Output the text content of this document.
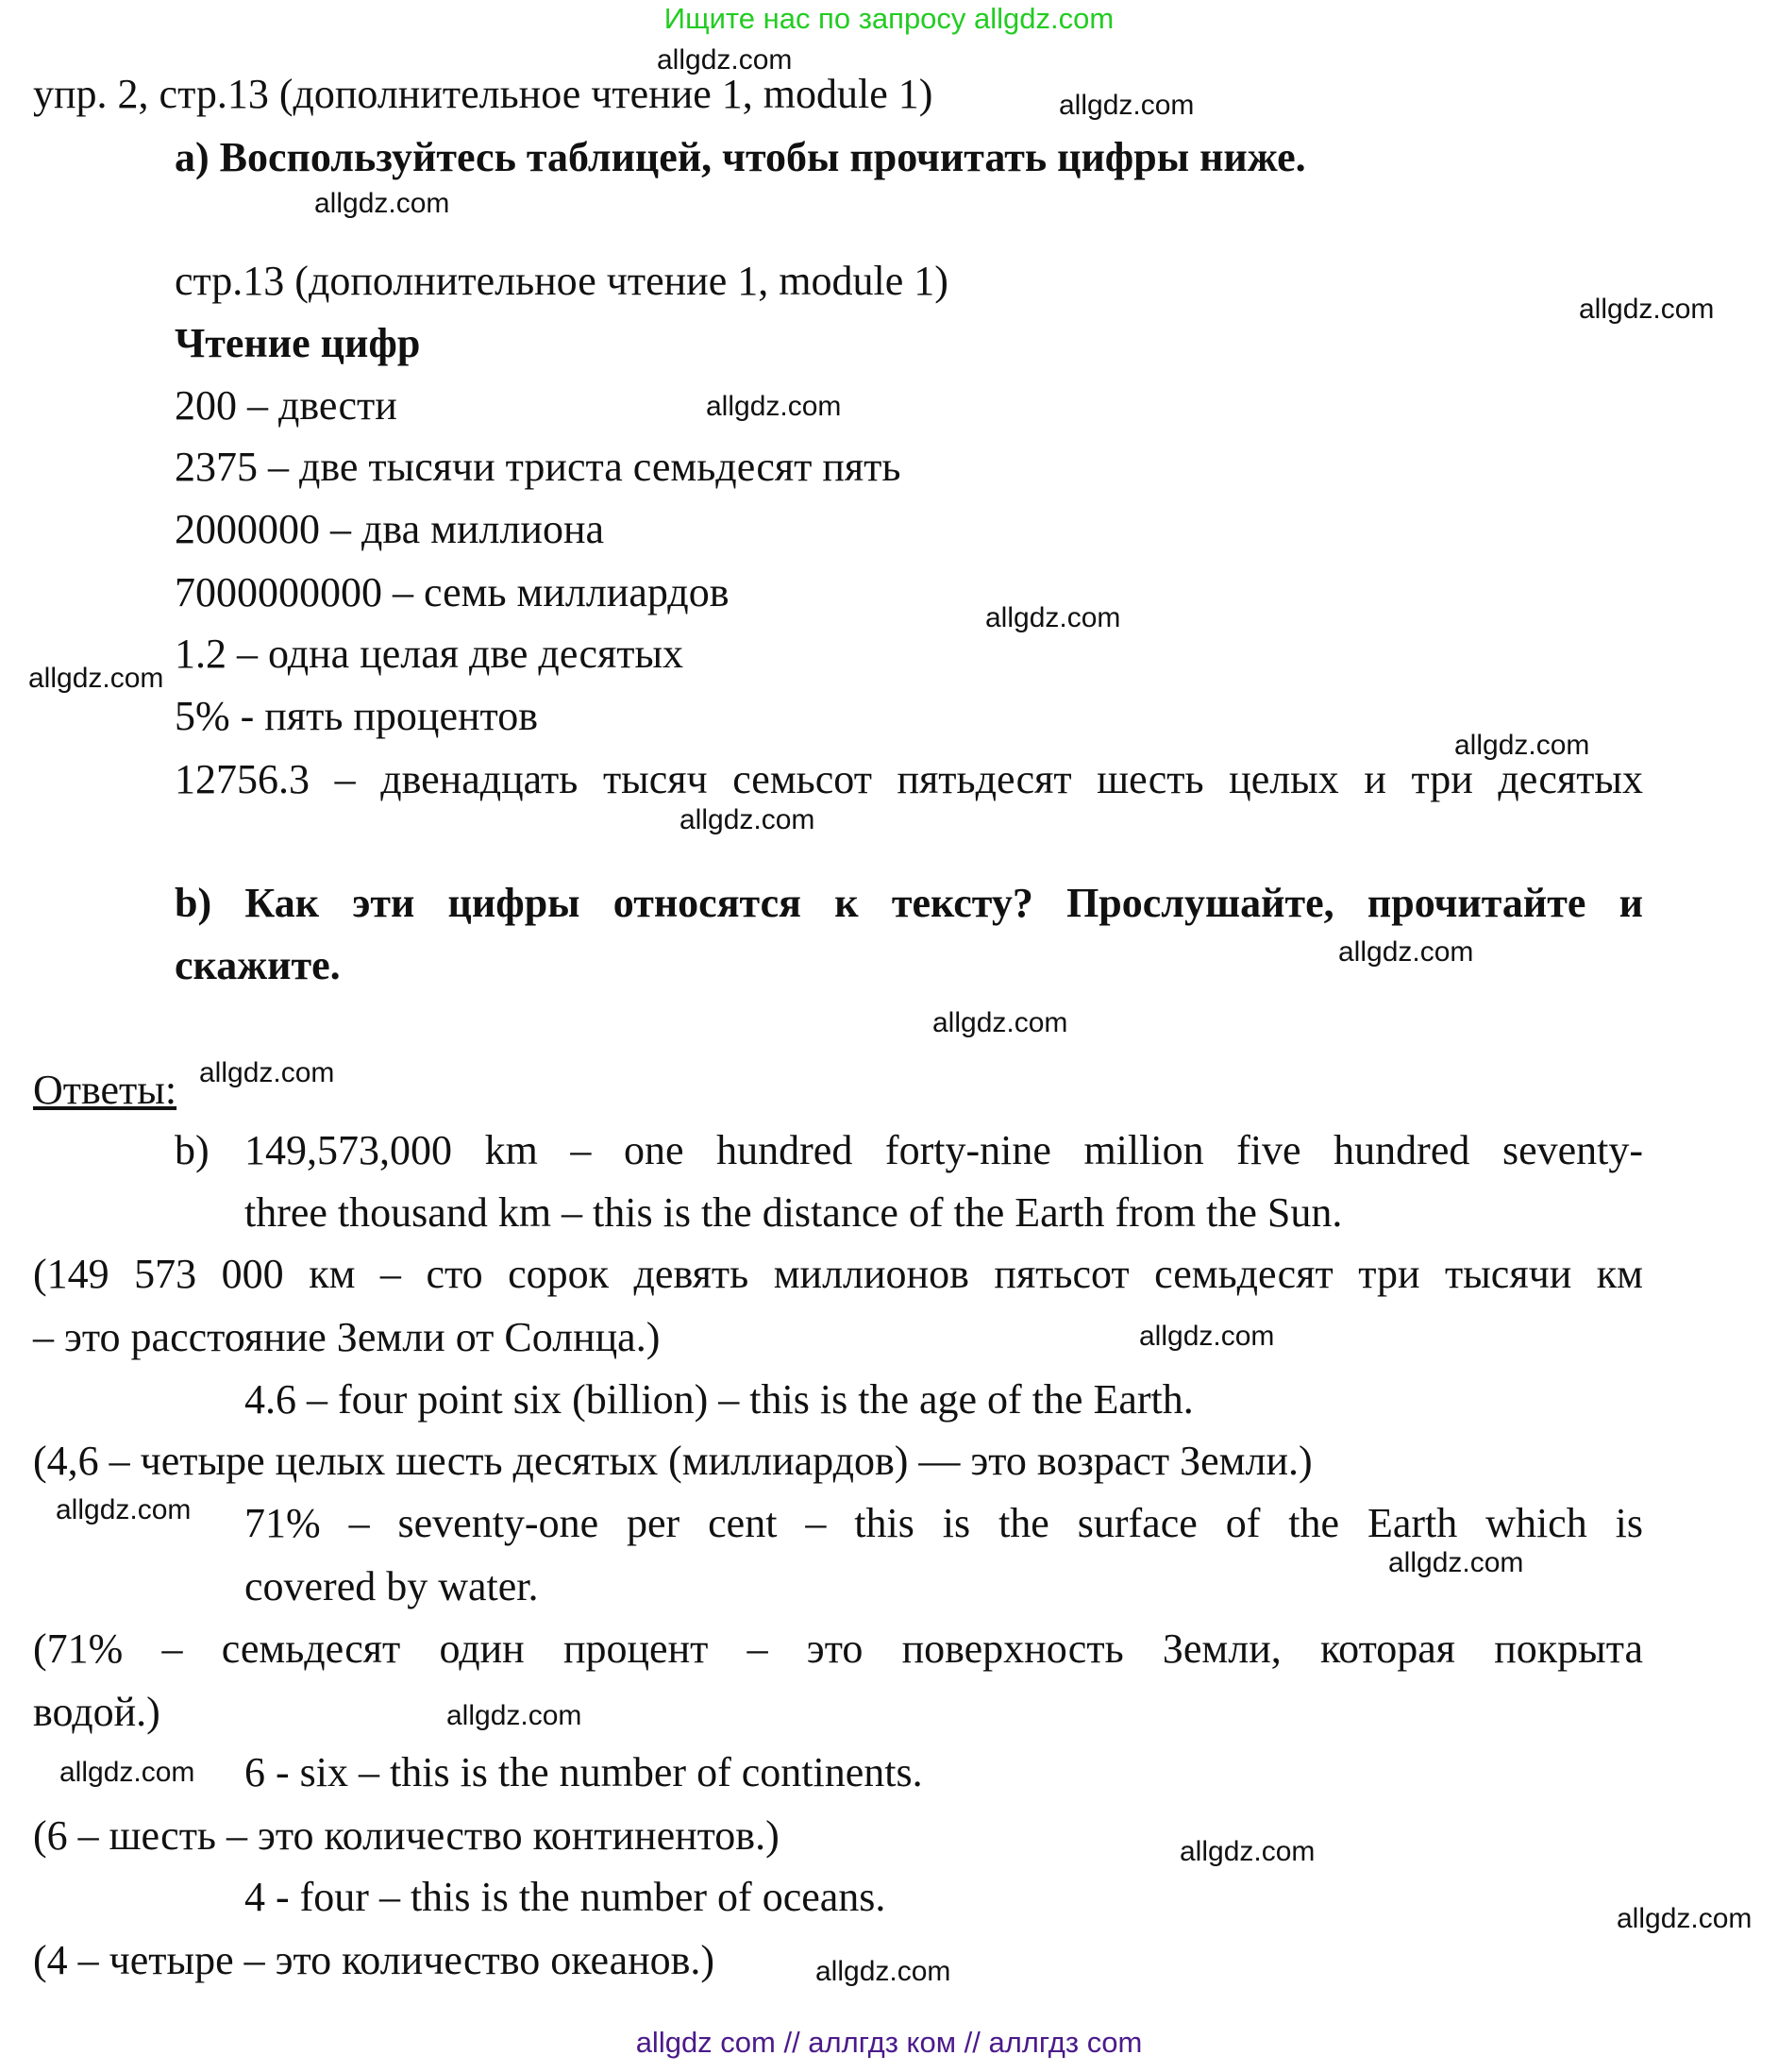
Ищите нас по запросу allgdz.com
упр. 2, стр.13 (дополнительное чтение 1, module 1)
a) Воспользуйтесь таблицей, чтобы прочитать цифры ниже.
стр.13 (дополнительное чтение 1, module 1)
Чтение цифр
200 – двести
2375 – две тысячи триста семьдесят пять
2000000 – два миллиона
7000000000 – семь миллиардов
1.2 – одна целая две десятых
5% - пять процентов
12756.3 – двенадцать тысяч семьсот пятьдесят шесть целых и три десятых
b) Как эти цифры относятся к тексту? Прослушайте, прочитайте и
скажите.
Ответы:
b) 149,573,000 km – one hundred forty-nine million five hundred seventy-
three thousand km – this is the distance of the Earth from the Sun.
(149 573 000 км – сто сорок девять миллионов пятьсот семьдесят три тысячи км
– это расстояние Земли от Солнца.)
4.6 – four point six (billion) – this is the age of the Earth.
(4,6 – четыре целых шесть десятых (миллиардов) — это возраст Земли.)
71% – seventy-one per cent – this is the surface of the Earth which is
covered by water.
(71% – семьдесят один процент – это поверхность Земли, которая покрыта
водой.)
6 - six – this is the number of continents.
(6 – шесть – это количество континентов.)
4 - four – this is the number of oceans.
(4 – четыре – это количество океанов.)
allgdz.com
allgdz.com
allgdz.com
allgdz.com
allgdz.com
allgdz.com
allgdz.com
allgdz.com
allgdz.com
allgdz.com
allgdz.com
allgdz.com
allgdz.com
allgdz.com
allgdz.com
allgdz.com
allgdz.com
allgdz.com
allgdz.com
allgdz.com
allgdz com // аллгдз ком // аллгдз com
